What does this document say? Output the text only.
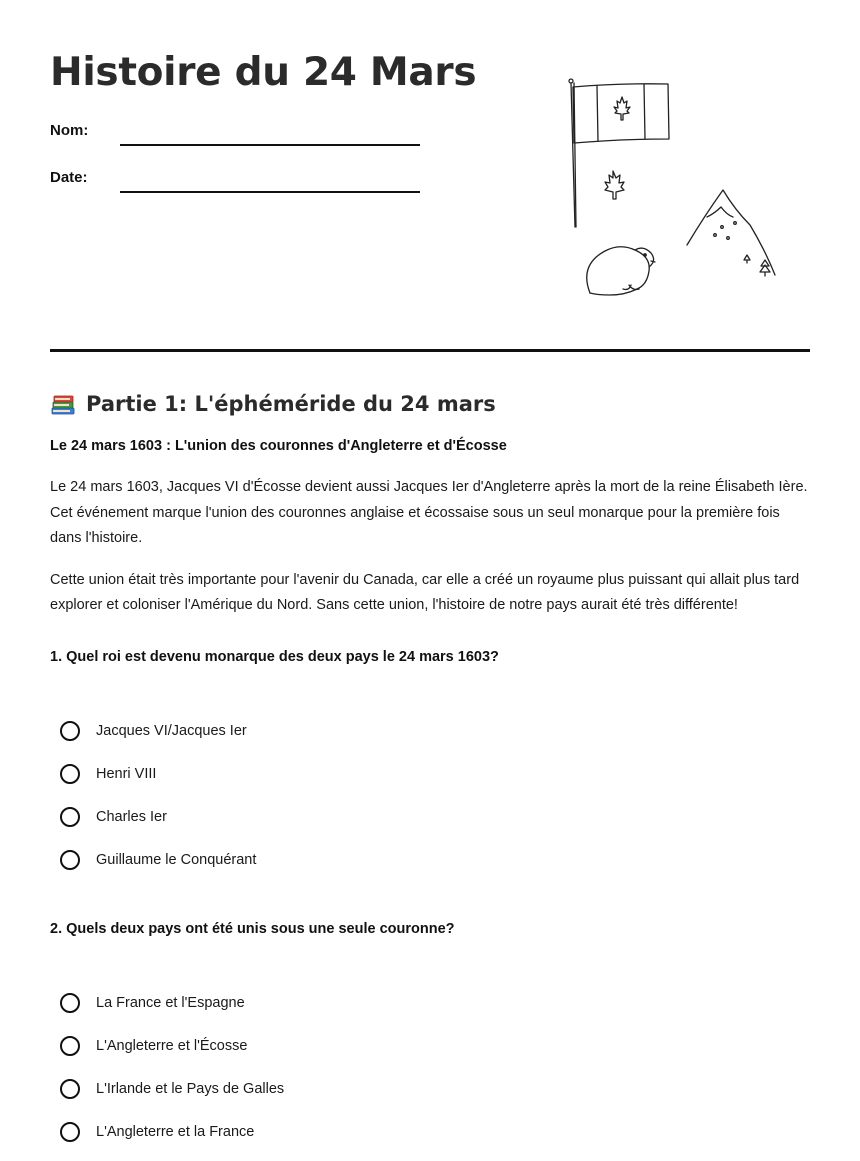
Histoire du 24 Mars
Nom:
Date:
Partie 1: L'éphéméride du 24 mars

Le 24 mars 1603 : L'union des couronnes d'Angleterre et d'Écosse

Le 24 mars 1603, Jacques VI d'Écosse devient aussi Jacques Ier d'Angleterre après la mort de la reine Élisabeth Ière. Cet événement marque l'union des couronnes anglaise et écossaise sous un seul monarque pour la première fois dans l'histoire.

Cette union était très importante pour l'avenir du Canada, car elle a créé un royaume plus puissant qui allait plus tard explorer et coloniser l'Amérique du Nord. Sans cette union, l'histoire de notre pays aurait été très différente!

1. Quel roi est devenu monarque des deux pays le 24 mars 1603?

Jacques VI/Jacques Ier
Henri VIII
Charles Ier
Guillaume le Conquérant

2. Quels deux pays ont été unis sous une seule couronne?

La France et l'Espagne
L'Angleterre et l'Écosse
L'Irlande et le Pays de Galles
L'Angleterre et la France
